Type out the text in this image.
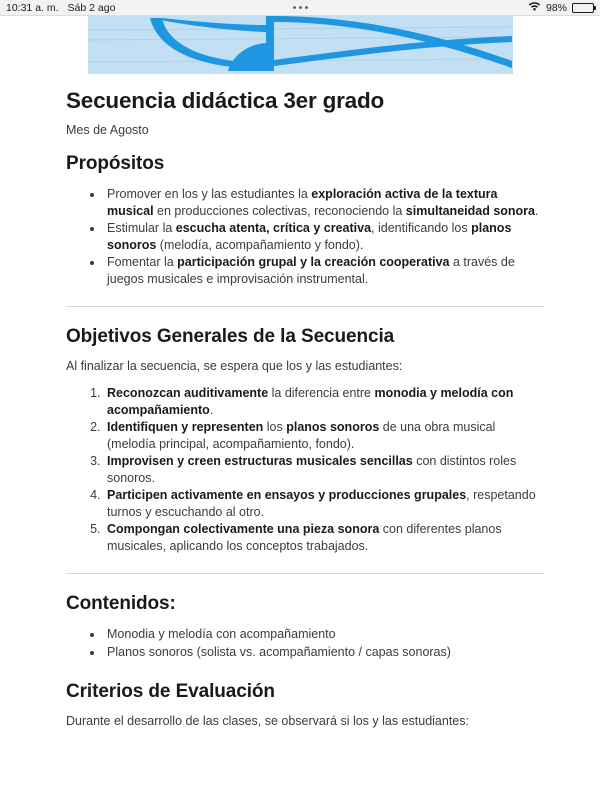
10:31 a. m. Sáb 2 ago	98%
Secuencia didáctica 3er grado

Mes de Agosto

Propósitos
• Promover en los y las estudiantes la exploración activa de la textura musical en producciones colectivas, reconociendo la simultaneidad sonora.
• Estimular la escucha atenta, crítica y creativa, identificando los planos sonoros (melodía, acompañamiento y fondo).
• Fomentar la participación grupal y la creación cooperativa a través de juegos musicales e improvisación instrumental.
Objetivos Generales de la Secuencia

Al finalizar la secuencia, se espera que los y las estudiantes:

1. Reconozcan auditivamente la diferencia entre monodia y melodía con acompañamiento.
2. Identifiquen y representen los planos sonoros de una obra musical (melodía principal, acompañamiento, fondo).
3. Improvisen y creen estructuras musicales sencillas con distintos roles sonoros.
4. Participen activamente en ensayos y producciones grupales, respetando turnos y escuchando al otro.
5. Compongan colectivamente una pieza sonora con diferentes planos musicales, aplicando los conceptos trabajados.
Contenidos:
• Monodia y melodía con acompañamiento
• Planos sonoros (solista vs. acompañamiento / capas sonoras)
Criterios de Evaluación

Durante el desarrollo de las clases, se observará si los y las estudiantes:
